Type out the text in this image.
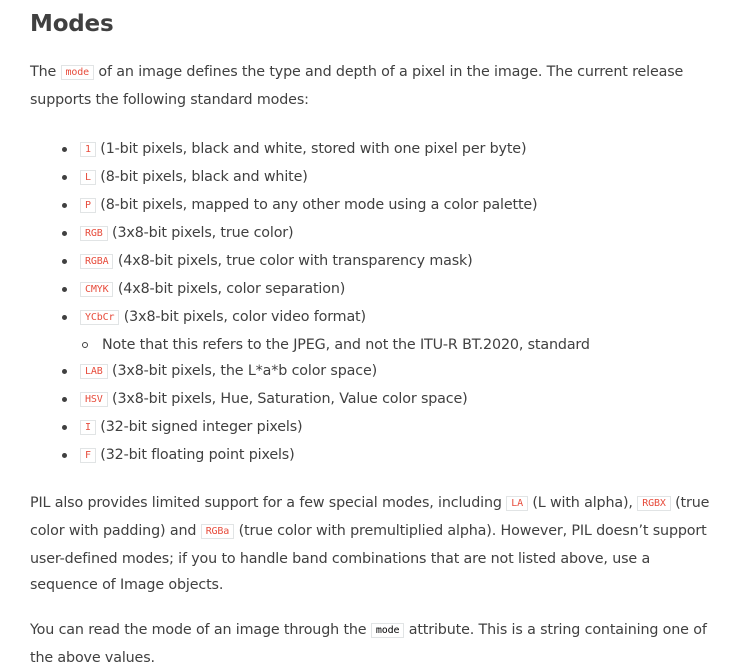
Modes

The mode of an image defines the type and depth of a pixel in the image. The current release supports the following standard modes:

1 (1-bit pixels, black and white, stored with one pixel per byte)
L (8-bit pixels, black and white)
P (8-bit pixels, mapped to any other mode using a color palette)
RGB (3x8-bit pixels, true color)
RGBA (4x8-bit pixels, true color with transparency mask)
CMYK (4x8-bit pixels, color separation)
YCbCr (3x8-bit pixels, color video format)
Note that this refers to the JPEG, and not the ITU-R BT.2020, standard
LAB (3x8-bit pixels, the L*a*b color space)
HSV (3x8-bit pixels, Hue, Saturation, Value color space)
I (32-bit signed integer pixels)
F (32-bit floating point pixels)

PIL also provides limited support for a few special modes, including LA (L with alpha), RGBX (true color with padding) and RGBa (true color with premultiplied alpha). However, PIL doesn’t support user-defined modes; if you to handle band combinations that are not listed above, use a sequence of Image objects.

You can read the mode of an image through the mode attribute. This is a string containing one of the above values.
